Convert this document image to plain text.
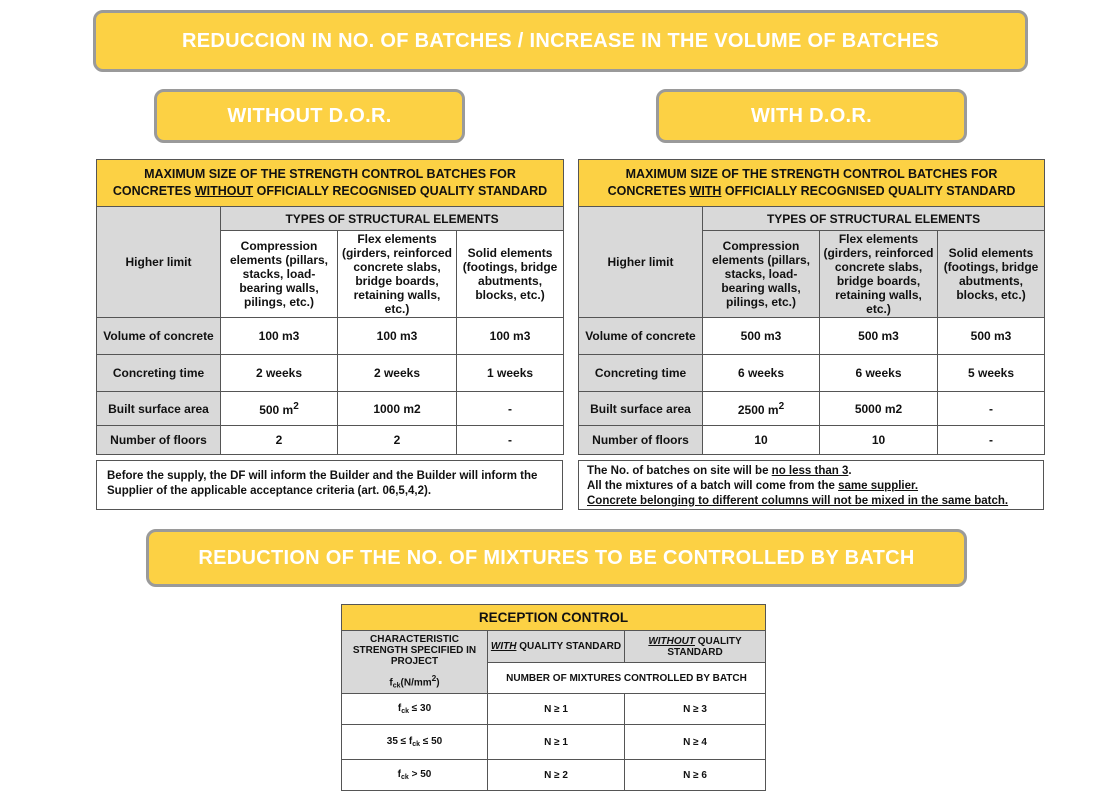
REDUCCION IN NO. OF BATCHES / INCREASE IN THE VOLUME OF BATCHES
WITHOUT D.O.R.	WITH D.O.R.
REDUCTION OF THE NO. OF MIXTURES TO BE CONTROLLED BY BATCH
MAXIMUM SIZE OF THE STRENGTH CONTROL BATCHES FOR
CONCRETES WITHOUT OFFICIALLY RECOGNISED QUALITY STANDARD			
Higher limit	TYPES OF STRUCTURAL ELEMENTS		
	Compression elements (pillars, stacks, load-bearing walls, pilings, etc.)	Flex elements (girders, reinforced concrete slabs, bridge boards, retaining walls, etc.)	Solid elements (footings, bridge abutments, blocks, etc.)
Volume of concrete	100 m3	100 m3	100 m3
Concreting time	2 weeks	2 weeks	1 weeks
Built surface area	500 $m^2$	1000 m2	-
Number of floors	2	2	-
Before the supply, the DF will inform the Builder and the Builder will inform the Supplier of the applicable acceptance criteria (art. 06,5,4,2).
MAXIMUM SIZE OF THE STRENGTH CONTROL BATCHES FOR
CONCRETES WITH OFFICIALLY RECOGNISED QUALITY STANDARD			
Higher limit	TYPES OF STRUCTURAL ELEMENTS		
	Compression elements (pillars, stacks, load-bearing walls, pilings, etc.)	Flex elements (girders, reinforced concrete slabs, bridge boards, retaining walls, etc.)	Solid elements (footings, bridge abutments, blocks, etc.)
Volume of concrete	500 m3	500 m3	500 m3
Concreting time	6 weeks	6 weeks	5 weeks
Built surface area	2500 $m^2$	5000 m2	-
Number of floors	10	10	-
The No. of batches on site will be no less than 3.
All the mixtures of a batch will come from the same supplier.
Concrete belonging to different columns will not be mixed in the same batch.
RECEPTION CONTROL		

CHARACTERISTIC STRENGTH SPECIFIED IN PROJECT
$f_{ck}(N/mm^2)$	WITH QUALITY STANDARD	WITHOUT QUALITY STANDARD
	NUMBER OF MIXTURES CONTROLLED BY BATCH	
$f_{ck} \le 30$	N ≥ 1	N ≥ 3
$35 \le f_{ck} \le 50$	N ≥ 1	N ≥ 4
$f_{ck} > 50$	N ≥ 2	N ≥ 6
